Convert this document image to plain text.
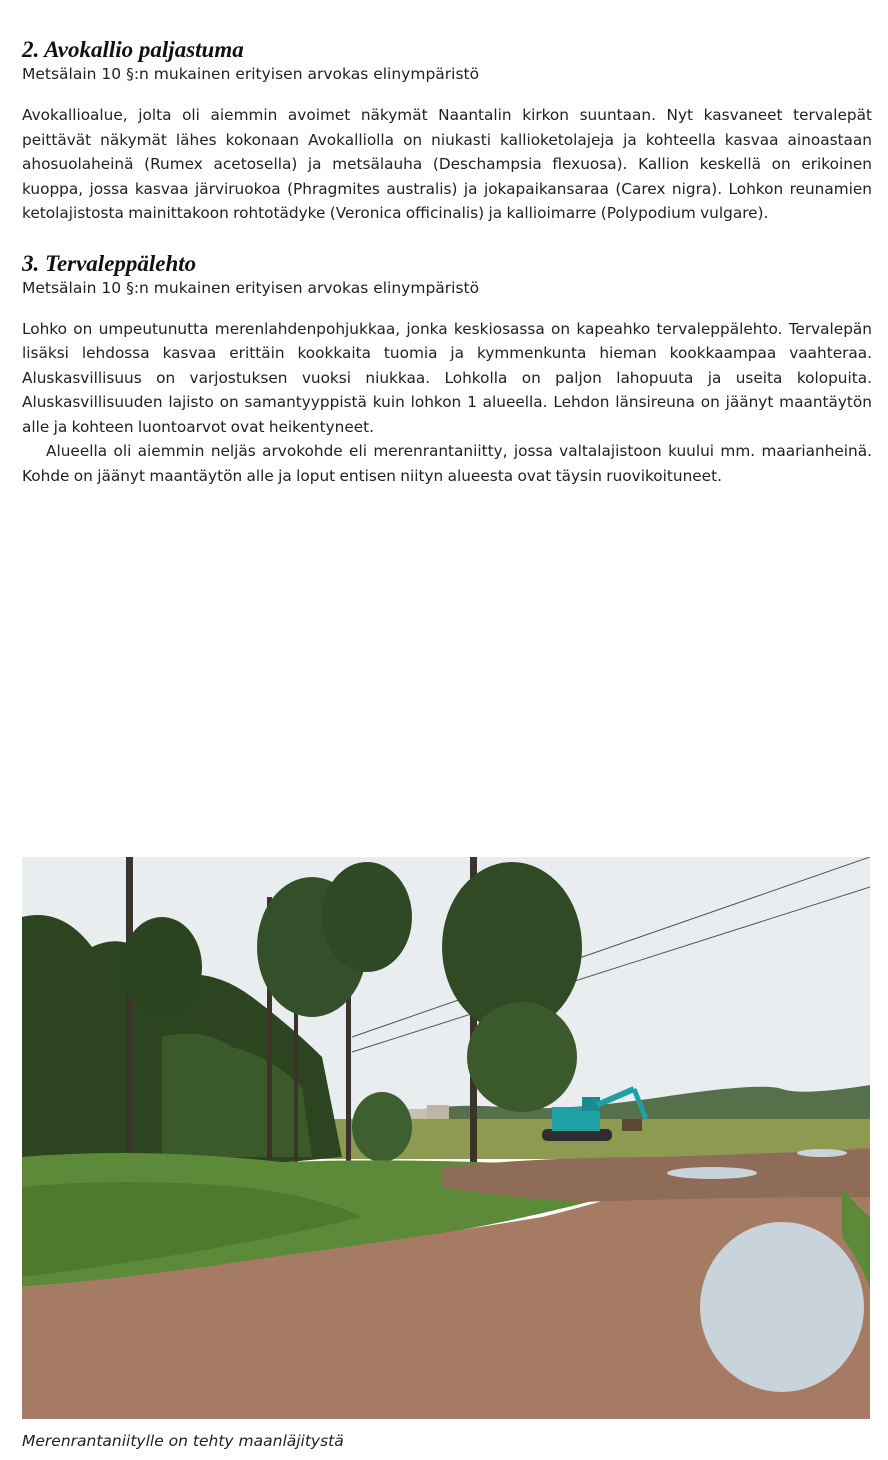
2. Avokallio paljastuma

Metsälain 10 §:n mukainen erityisen arvokas elinympäristö

Avokallioalue, jolta oli aiemmin avoimet näkymät Naantalin kirkon suuntaan. Nyt kasvaneet tervalepät peittävät näkymät lähes kokonaan Avokalliolla on niukasti kallioketolajeja ja kohteella kasvaa ainoastaan ahosuolaheinä (Rumex acetosella) ja metsälauha (Deschampsia flexuosa). Kallion keskellä on erikoinen kuoppa, jossa kasvaa järviruokoa (Phragmites australis) ja jokapaikansaraa (Carex nigra). Lohkon reunamien ketolajistosta mainittakoon rohtotädyke (Veronica officinalis) ja kallioimarre (Polypodium vulgare).

3. Tervaleppälehto

Metsälain 10 §:n mukainen erityisen arvokas elinympäristö

Lohko on umpeutunutta merenlahdenpohjukkaa, jonka keskiosassa on kapeahko tervaleppälehto. Tervalepän lisäksi lehdossa kasvaa erittäin kookkaita tuomia ja kymmenkunta hieman kookkaampaa vaahteraa. Aluskasvillisuus on varjostuksen vuoksi niukkaa. Lohkolla on paljon lahopuuta ja useita kolopuita. Aluskasvillisuuden lajisto on samantyyppistä kuin lohkon 1 alueella. Lehdon länsireuna on jäänyt maantäytön alle ja kohteen luontoarvot ovat heikentyneet.

Alueella oli aiemmin neljäs arvokohde eli merenrantaniitty, jossa valtalajistoon kuului mm. maarianheinä. Kohde on jäänyt maantäytön alle ja loput entisen niityn alueesta ovat täysin ruovikoituneet.

Merenrantaniitylle on tehty maanläjitystä
